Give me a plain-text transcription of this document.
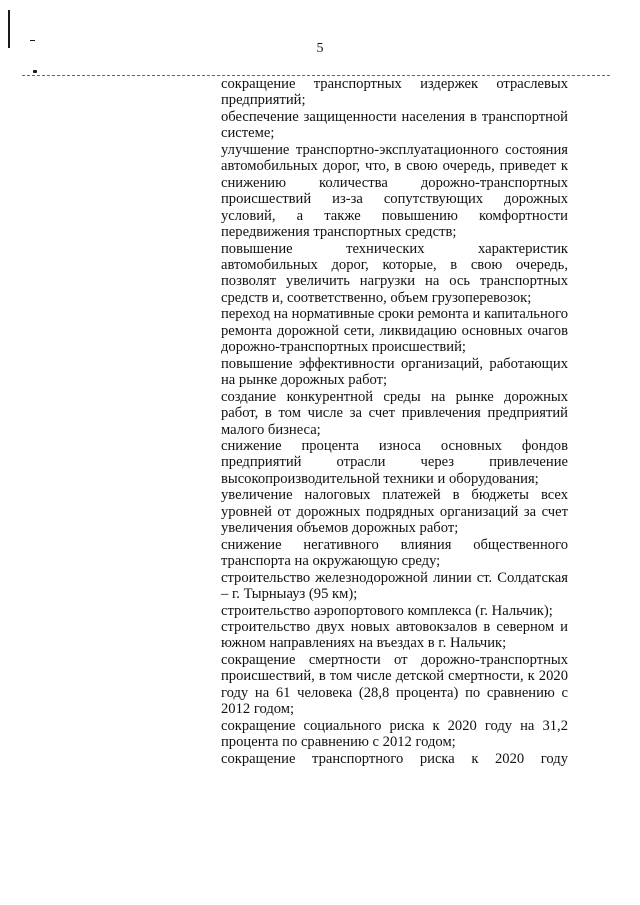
5

сокращение транспортных издержек отраслевых предприятий;

обеспечение защищенности населения в транспортной системе;

улучшение транспортно-эксплуатационного состояния автомобильных дорог, что, в свою очередь, приведет к снижению количества дорожно-транспортных происшествий из-за сопутствующих дорожных условий, а также повышению комфортности передвижения транспортных средств;

повышение технических характеристик автомобильных дорог, которые, в свою очередь, позволят увеличить нагрузки на ось транспортных средств и, соответственно, объем грузоперевозок;

переход на нормативные сроки ремонта и капитального ремонта дорожной сети, ликвидацию основных очагов дорожно-транспортных происшествий;

повышение эффективности организаций, работающих на рынке дорожных работ;

создание конкурентной среды на рынке дорожных работ, в том числе за счет привлечения предприятий малого бизнеса;

снижение процента износа основных фондов предприятий отрасли через привлечение высокопроизводительной техники и оборудования;

увеличение налоговых платежей в бюджеты всех уровней от дорожных подрядных организаций за счет увеличения объемов дорожных работ;

снижение негативного влияния общественного транспорта на окружающую среду;

строительство железнодорожной линии ст. Солдатская – г. Тырныауз (95 км);

строительство аэропортового комплекса (г. Нальчик);

строительство двух новых автовокзалов в северном и южном направлениях на въездах в г. Нальчик;

сокращение смертности от дорожно-транспортных происшествий, в том числе детской смертности, к 2020 году на 61 человека (28,8 процента) по сравнению с 2012 годом;

сокращение социального риска к 2020 году на 31,2 процента по сравнению с 2012 годом;

сокращение транспортного риска к 2020 году
